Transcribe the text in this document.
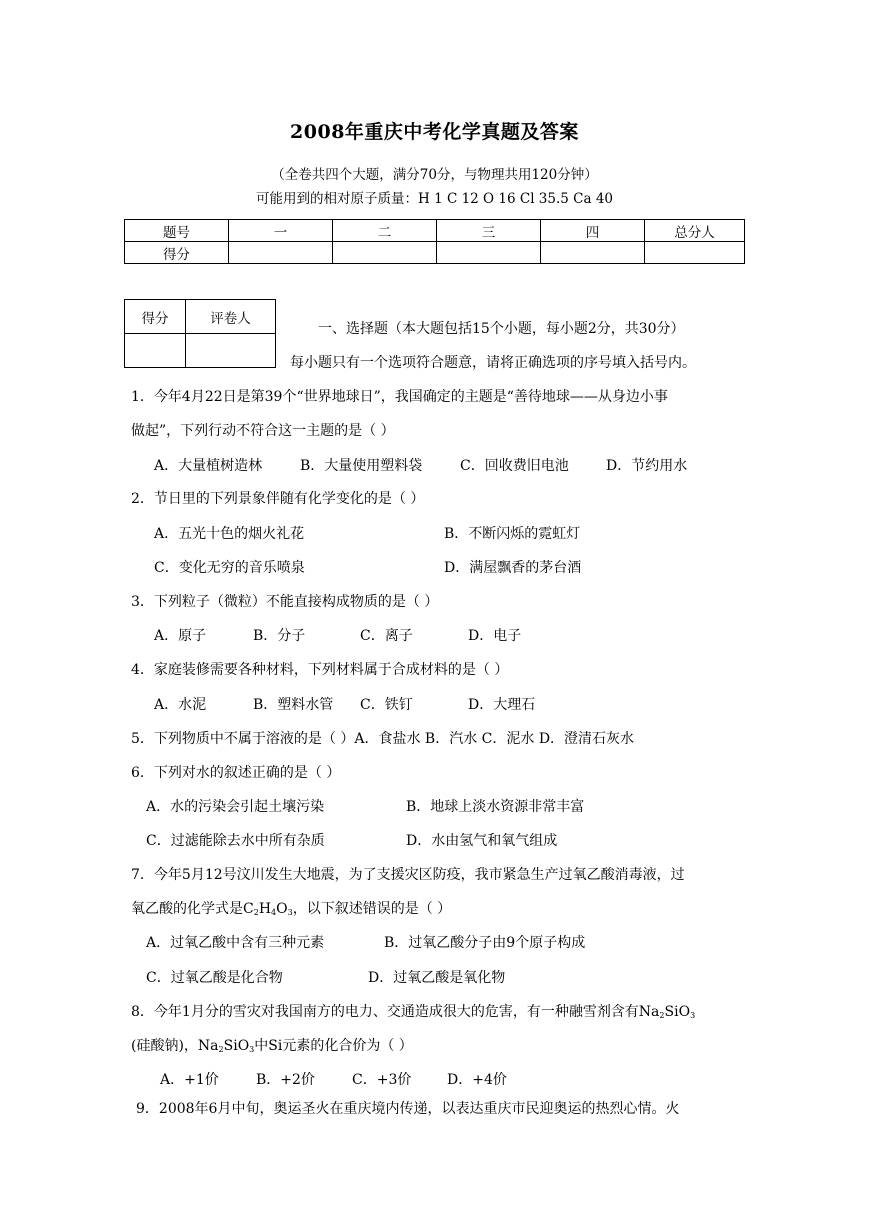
2008年重庆中考化学真题及答案
（全卷共四个大题，满分70分，与物理共用120分钟）
可能用到的相对原子质量：H 1 C 12 O 16 Cl 35.5 Ca 40
题号	一	二	三	四	总分人
得分					
得分	评卷人

一、选择题（本大题包括15个小题，每小题2分，共30分）
每小题只有一个选项符合题意，请将正确选项的序号填入括号内。
1．今年4月22日是第39个“世界地球日”，我国确定的主题是“善待地球——从身边小事
做起”，下列行动不符合这一主题的是（ ）
A．大量植树造林	B．大量使用塑料袋	C．回收费旧电池	D．节约用水
2．节日里的下列景象伴随有化学变化的是（ ）
A．五光十色的烟火礼花	B．不断闪烁的霓虹灯
C．变化无穷的音乐喷泉	D．满屋飘香的茅台酒
3．下列粒子（微粒）不能直接构成物质的是（ ）
A．原子	B．分子	C．离子	D．电子
4．家庭装修需要各种材料，下列材料属于合成材料的是（ ）
A．水泥	B．塑料水管 C．铁钉	D．大理石
5．下列物质中不属于溶液的是（ ）A．食盐水 B．汽水 C．泥水 D．澄清石灰水
6．下列对水的叙述正确的是（ ）
A．水的污染会引起土壤污染	B．地球上淡水资源非常丰富
C．过滤能除去水中所有杂质	D．水由氢气和氧气组成
7．今年5月12号汶川发生大地震，为了支援灾区防疫，我市紧急生产过氧乙酸消毒液，过
氧乙酸的化学式是$C_2H_4O_3$，以下叙述错误的是（ ）
A．过氧乙酸中含有三种元素	B．过氧乙酸分子由9个原子构成
C．过氧乙酸是化合物	D．过氧乙酸是氧化物
8．今年1月分的雪灾对我国南方的电力、交通造成很大的危害，有一种融雪剂含有$Na_2SiO_3$
(硅酸钠)，$Na_2SiO_3$中Si元素的化合价为（ ）
A．+1价	B．+2价	C．+3价	D．+4价
9．2008年6月中旬，奥运圣火在重庆境内传递，以表达重庆市民迎奥运的热烈心情。火
